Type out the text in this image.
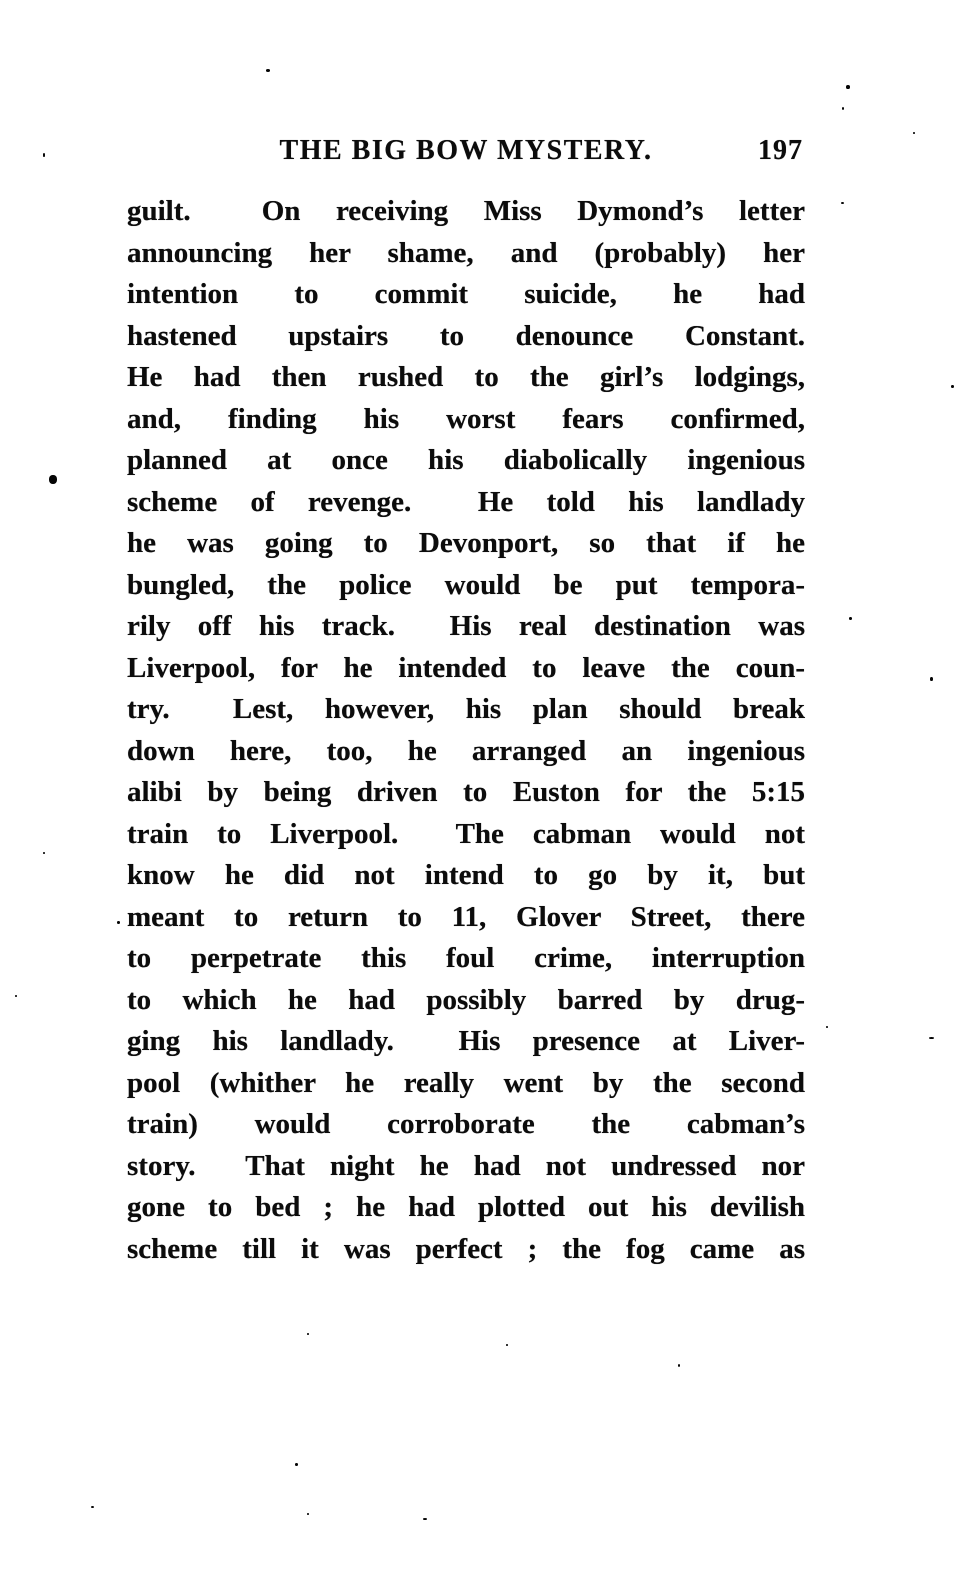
THE BIG BOW MYSTERY.	197
guilt.  On receiving Miss Dymond’s letter
announcing her shame, and (probably) her
intention to commit suicide, he had
hastened upstairs to denounce Constant.
He had then rushed to the girl’s lodgings,
and, finding his worst fears confirmed,
planned at once his diabolically ingenious
scheme of revenge.  He told his landlady
he was going to Devonport, so that if he
bungled, the police would be put tempora-
rily off his track.  His real destination was
Liverpool, for he intended to leave the coun-
try.  Lest, however, his plan should break
down here, too, he arranged an ingenious
alibi by being driven to Euston for the 5:15
train to Liverpool.  The cabman would not
know he did not intend to go by it, but
meant to return to 11, Glover Street, there
to perpetrate this foul crime, interruption
to which he had possibly barred by drug-
ging his landlady.  His presence at Liver-
pool (whither he really went by the second
train) would corroborate the cabman’s
story.  That night he had not undressed nor
gone to bed ; he had plotted out his devilish
scheme till it was perfect ; the fog came as
